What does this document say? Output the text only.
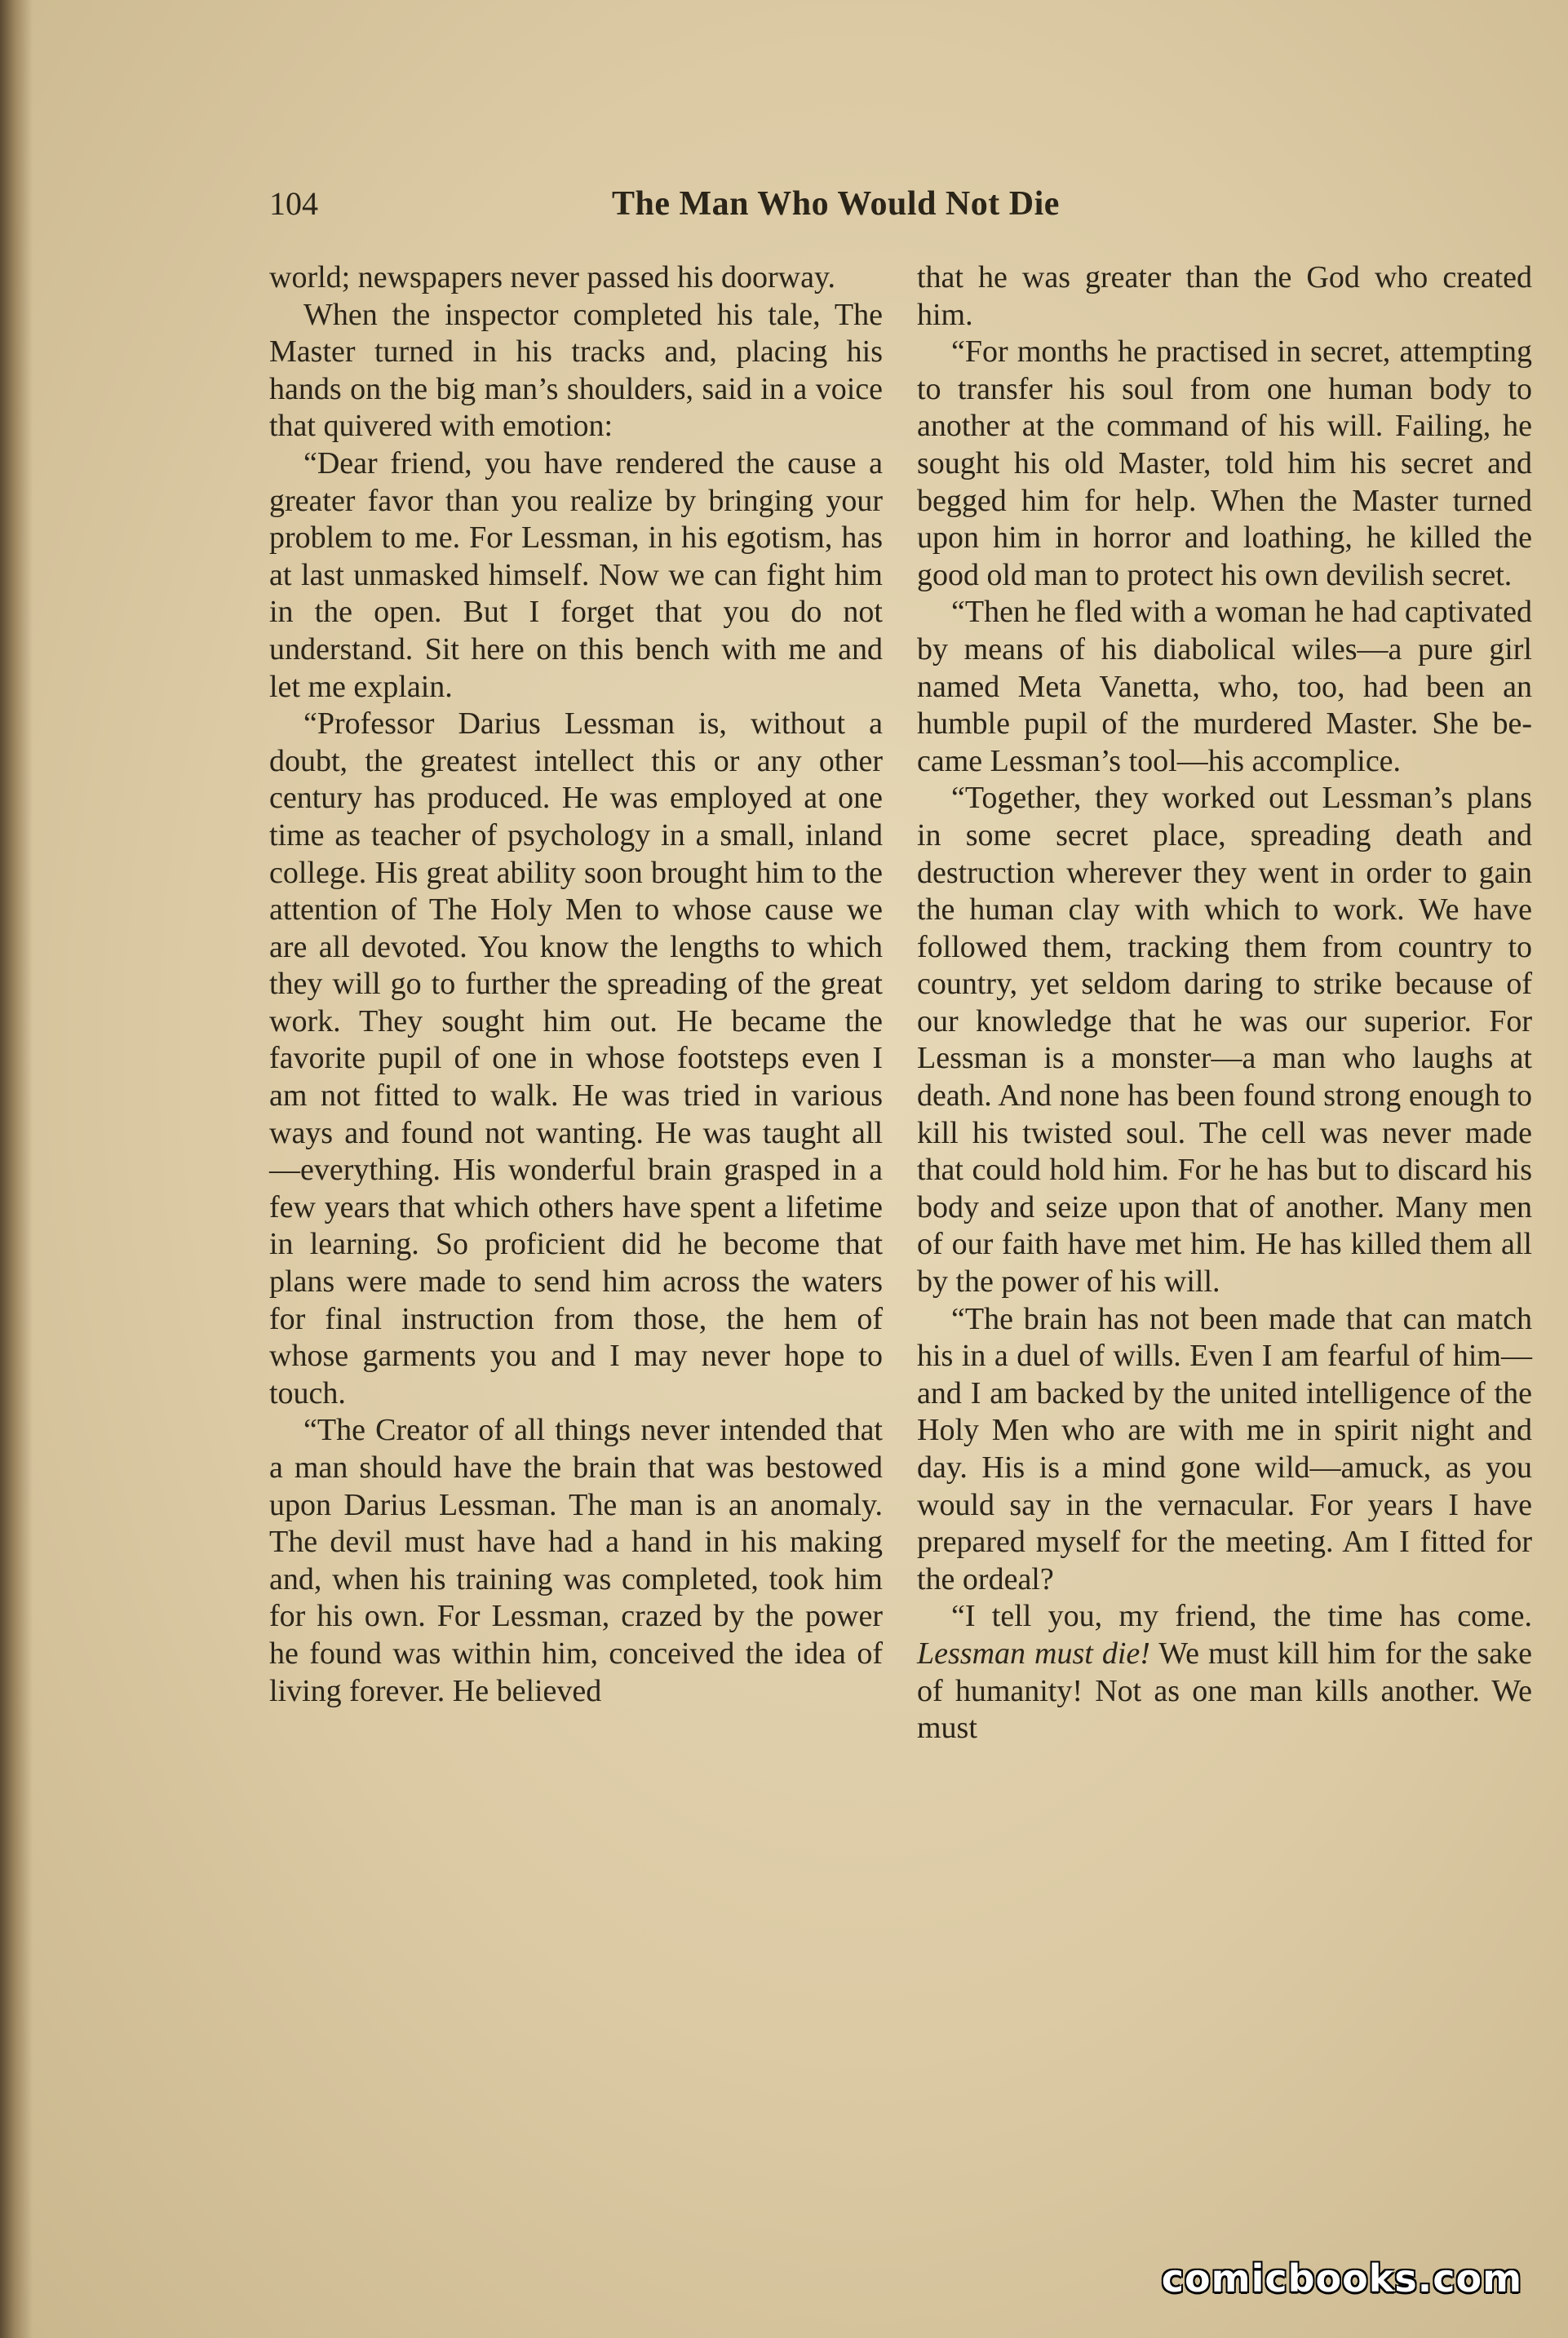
104	The Man Who Would Not Die

world; newspapers never passed his doorway.

When the inspector completed his tale, The Master turned in his tracks and, placing his hands on the big man’s shoulders, said in a voice that quivered with emotion:

“Dear friend, you have rendered the cause a greater favor than you realize by bringing your problem to me. For Lessman, in his egotism, has at last unmasked himself. Now we can fight him in the open. But I forget that you do not understand. Sit here on this bench with me and let me explain.

“Professor Darius Lessman is, without a doubt, the greatest intellect this or any other century has produced. He was employed at one time as teacher of psychology in a small, inland college. His great ability soon brought him to the attention of The Holy Men to whose cause we are all devoted. You know the lengths to which they will go to further the spreading of the great work. They sought him out. He became the favorite pupil of one in whose footsteps even I am not fitted to walk. He was tried in various ways and found not wanting. He was taught all—everything. His wonderful brain grasped in a few years that which others have spent a lifetime in learning. So proficient did he become that plans were made to send him across the waters for final instruction from those, the hem of whose garments you and I may never hope to touch.

“The Creator of all things never intended that a man should have the brain that was bestowed upon Darius Lessman. The man is an anomaly. The devil must have had a hand in his making and, when his training was completed, took him for his own. For Lessman, crazed by the power he found was within him, conceived the idea of living forever. He believed

that he was greater than the God who created him.

“For months he practised in secret, attempting to transfer his soul from one human body to another at the command of his will. Failing, he sought his old Master, told him his secret and begged him for help. When the Master turned upon him in horror and loathing, he killed the good old man to protect his own devilish secret.

“Then he fled with a woman he had captivated by means of his diabolical wiles—a pure girl named Meta Vanetta, who, too, had been an humble pupil of the murdered Master. She became Lessman’s tool—his accomplice.

“Together, they worked out Lessman’s plans in some secret place, spreading death and destruction wherever they went in order to gain the human clay with which to work. We have followed them, tracking them from country to country, yet seldom daring to strike because of our knowledge that he was our superior. For Lessman is a monster—a man who laughs at death. And none has been found strong enough to kill his twisted soul. The cell was never made that could hold him. For he has but to discard his body and seize upon that of another. Many men of our faith have met him. He has killed them all by the power of his will.

“The brain has not been made that can match his in a duel of wills. Even I am fearful of him—and I am backed by the united intelligence of the Holy Men who are with me in spirit night and day. His is a mind gone wild—amuck, as you would say in the vernacular. For years I have prepared myself for the meeting. Am I fitted for the ordeal?

“I tell you, my friend, the time has come. Lessman must die! We must kill him for the sake of humanity! Not as one man kills another. We must

comicbooks.com
